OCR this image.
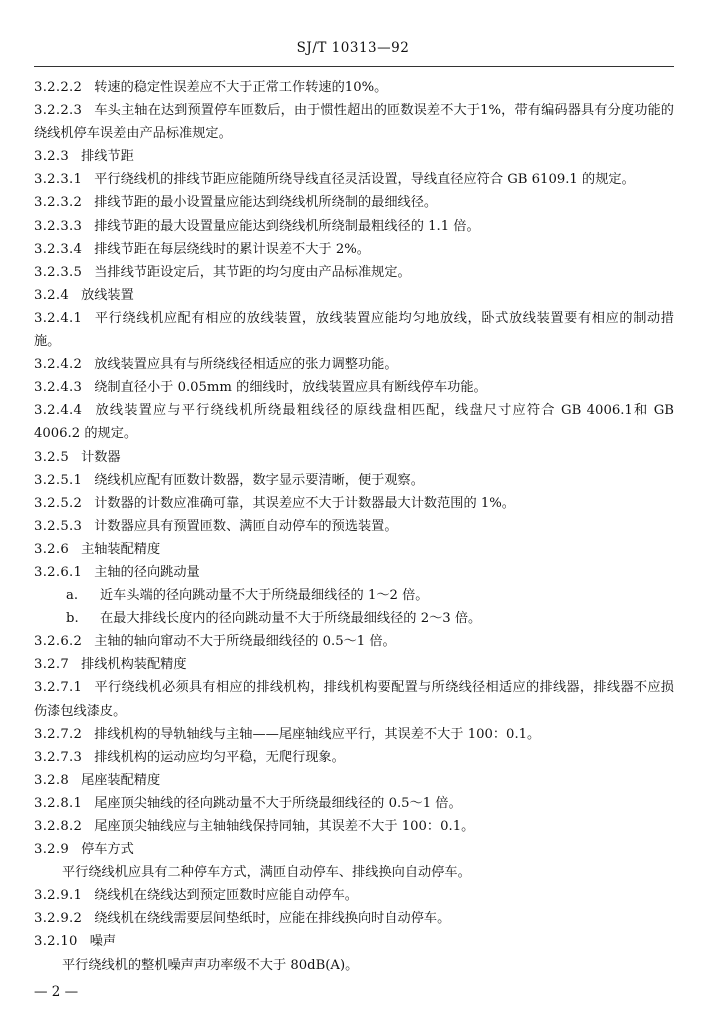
SJ/T 10313—92
3.2.2.2 转速的稳定性误差应不大于正常工作转速的10%。
3.2.2.3 车头主轴在达到预置停车匝数后，由于惯性超出的匝数误差不大于1%，带有编码器具有分度功能的绕线机停车误差由产品标准规定。
3.2.3 排线节距
3.2.3.1 平行绕线机的排线节距应能随所绕导线直径灵活设置，导线直径应符合 GB 6109.1 的规定。
3.2.3.2 排线节距的最小设置量应能达到绕线机所绕制的最细线径。
3.2.3.3 排线节距的最大设置量应能达到绕线机所绕制最粗线径的 1.1 倍。
3.2.3.4 排线节距在每层绕线时的累计误差不大于 2%。
3.2.3.5 当排线节距设定后，其节距的均匀度由产品标准规定。
3.2.4 放线装置
3.2.4.1 平行绕线机应配有相应的放线装置，放线装置应能均匀地放线，卧式放线装置要有相应的制动措施。
3.2.4.2 放线装置应具有与所绕线径相适应的张力调整功能。
3.2.4.3 绕制直径小于 0.05mm 的细线时，放线装置应具有断线停车功能。
3.2.4.4 放线装置应与平行绕线机所绕最粗线径的原线盘相匹配，线盘尺寸应符合 GB 4006.1和 GB 4006.2 的规定。
3.2.5 计数器
3.2.5.1 绕线机应配有匝数计数器，数字显示要清晰，便于观察。
3.2.5.2 计数器的计数应准确可靠，其误差应不大于计数器最大计数范围的 1%。
3.2.5.3 计数器应具有预置匝数、满匝自动停车的预选装置。
3.2.6 主轴装配精度
3.2.6.1 主轴的径向跳动量
a. 近车头端的径向跳动量不大于所绕最细线径的 1～2 倍。
b. 在最大排线长度内的径向跳动量不大于所绕最细线径的 2～3 倍。
3.2.6.2 主轴的轴向窜动不大于所绕最细线径的 0.5～1 倍。
3.2.7 排线机构装配精度
3.2.7.1 平行绕线机必须具有相应的排线机构，排线机构要配置与所绕线径相适应的排线器，排线器不应损伤漆包线漆皮。
3.2.7.2 排线机构的导轨轴线与主轴——尾座轴线应平行，其误差不大于 100：0.1。
3.2.7.3 排线机构的运动应均匀平稳，无爬行现象。
3.2.8 尾座装配精度
3.2.8.1 尾座顶尖轴线的径向跳动量不大于所绕最细线径的 0.5～1 倍。
3.2.8.2 尾座顶尖轴线应与主轴轴线保持同轴，其误差不大于 100：0.1。
3.2.9 停车方式
平行绕线机应具有二种停车方式，满匝自动停车、排线换向自动停车。
3.2.9.1 绕线机在绕线达到预定匝数时应能自动停车。
3.2.9.2 绕线机在绕线需要层间垫纸时，应能在排线换向时自动停车。
3.2.10 噪声
平行绕线机的整机噪声声功率级不大于 80dB(A)。
— 2 —
